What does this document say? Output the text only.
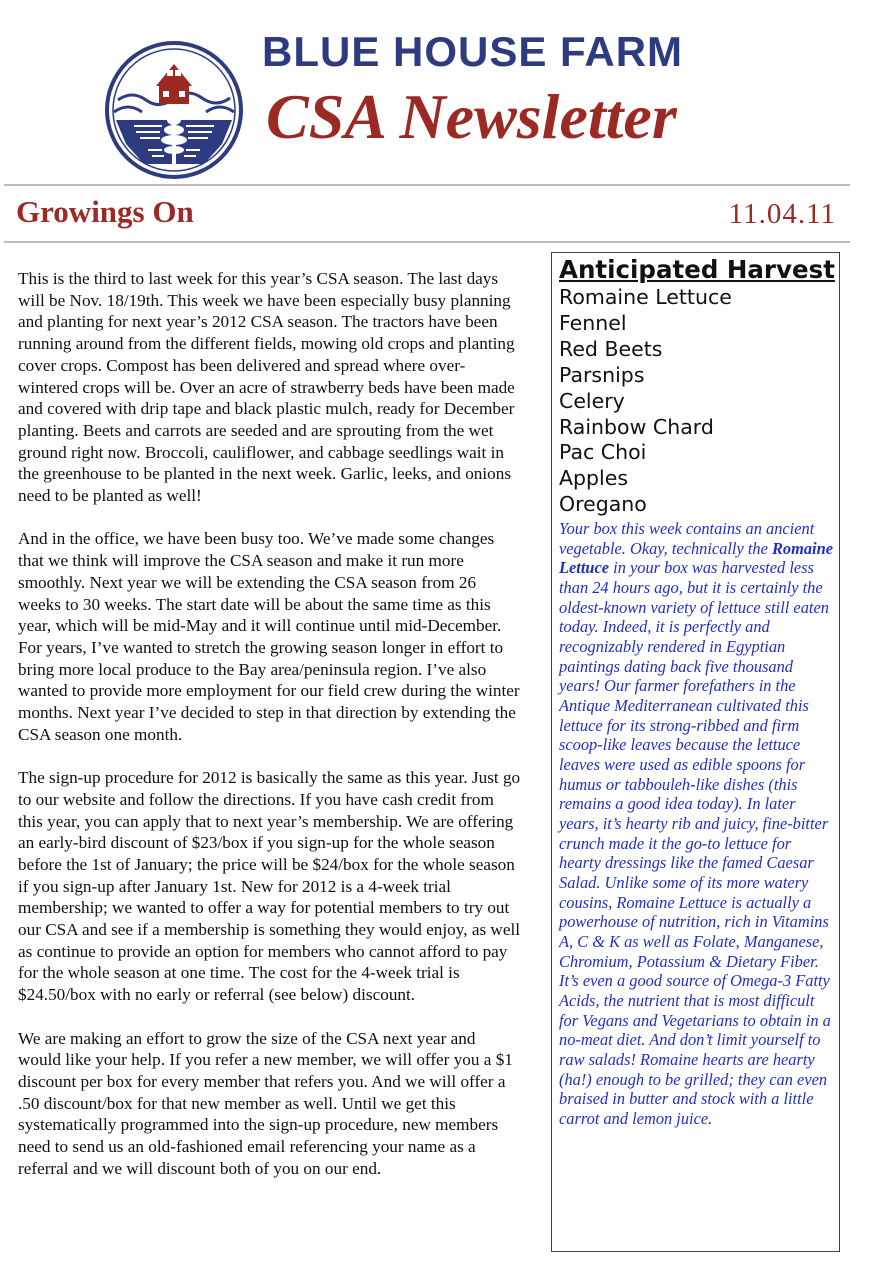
BLUE HOUSE FARM
CSA Newsletter
Growings On	11.04.11

This is the third to last week for this year’s CSA season. The last days will be Nov. 18/19th. This week we have been especially busy planning and planting for next year’s 2012 CSA season. The tractors have been running around from the different fields, mowing old crops and planting cover crops. Compost has been delivered and spread where over-wintered crops will be. Over an acre of strawberry beds have been made and covered with drip tape and black plastic mulch, ready for December planting. Beets and carrots are seeded and are sprouting from the wet ground right now. Broccoli, cauliflower, and cabbage seedlings wait in the greenhouse to be planted in the next week. Garlic, leeks, and onions need to be planted as well!

And in the office, we have been busy too. We’ve made some changes that we think will improve the CSA season and make it run more smoothly. Next year we will be extending the CSA season from 26 weeks to 30 weeks. The start date will be about the same time as this year, which will be mid-May and it will continue until mid-December. For years, I’ve wanted to stretch the growing season longer in effort to bring more local produce to the Bay area/peninsula region. I’ve also wanted to provide more employment for our field crew during the winter months. Next year I’ve decided to step in that direction by extending the CSA season one month.

The sign-up procedure for 2012 is basically the same as this year. Just go to our website and follow the directions. If you have cash credit from this year, you can apply that to next year’s membership. We are offering an early-bird discount of $23/box if you sign-up for the whole season before the 1st of January; the price will be $24/box for the whole season if you sign-up after January 1st. New for 2012 is a 4-week trial membership; we wanted to offer a way for potential members to try out our CSA and see if a membership is something they would enjoy, as well as continue to provide an option for members who cannot afford to pay for the whole season at one time. The cost for the 4-week trial is $24.50/box with no early or referral (see below) discount.

We are making an effort to grow the size of the CSA next year and would like your help. If you refer a new member, we will offer you a $1 discount per box for every member that refers you. And we will offer a .50 discount/box for that new member as well. Until we get this systematically programmed into the sign-up procedure, new members need to send us an old-fashioned email referencing your name as a referral and we will discount both of you on our end.

Anticipated Harvest
Romaine Lettuce
Fennel
Red Beets
Parsnips
Celery
Rainbow Chard
Pac Choi
Apples
Oregano
Your box this week contains an ancient vegetable. Okay, technically the Romaine Lettuce in your box was harvested less than 24 hours ago, but it is certainly the oldest-known variety of lettuce still eaten today. Indeed, it is perfectly and recognizably rendered in Egyptian paintings dating back five thousand years! Our farmer forefathers in the Antique Mediterranean cultivated this lettuce for its strong-ribbed and firm scoop-like leaves because the lettuce leaves were used as edible spoons for humus or tabbouleh-like dishes (this remains a good idea today). In later years, it’s hearty rib and juicy, fine-bitter crunch made it the go-to lettuce for hearty dressings like the famed Caesar Salad. Unlike some of its more watery cousins, Romaine Lettuce is actually a powerhouse of nutrition, rich in Vitamins A, C & K as well as Folate, Manganese, Chromium, Potassium & Dietary Fiber. It’s even a good source of Omega-3 Fatty Acids, the nutrient that is most difficult for Vegans and Vegetarians to obtain in a no-meat diet. And don’t limit yourself to raw salads! Romaine hearts are hearty (ha!) enough to be grilled; they can even braised in butter and stock with a little carrot and lemon juice.
